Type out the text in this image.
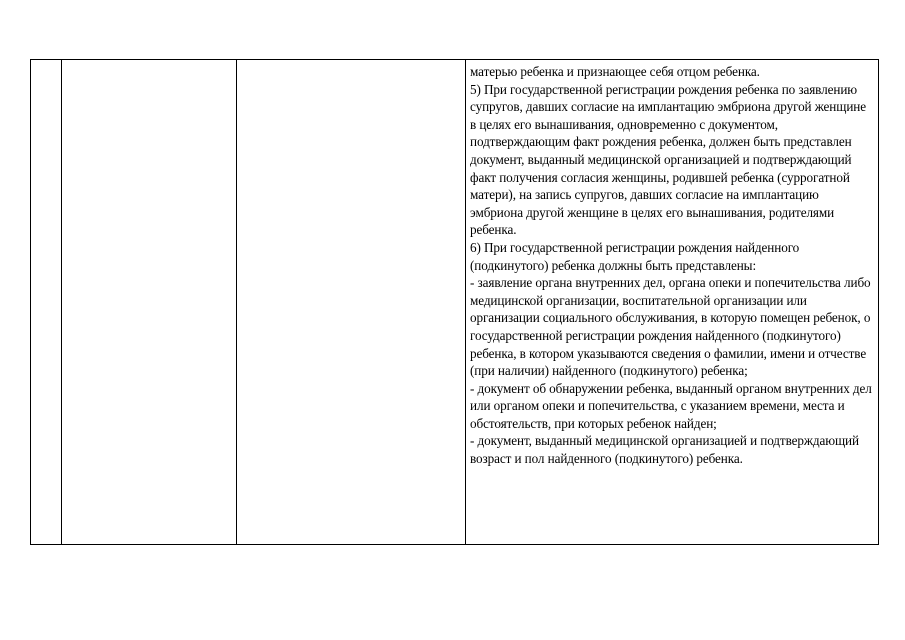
матерью ребенка и признающее себя отцом ребенка.

5) При государственной регистрации рождения ребенка по заявлению супругов, давших согласие на имплантацию эмбриона другой женщине в целях его вынашивания, одновременно с документом, подтверждающим факт рождения ребенка, должен быть представлен документ, выданный медицинской организацией и подтверждающий факт получения согласия женщины, родившей ребенка (суррогатной матери), на запись супругов, давших согласие на имплантацию эмбриона другой женщине в целях его вынашивания, родителями ребенка.

6) При государственной регистрации рождения найденного (подкинутого) ребенка должны быть представлены:

- заявление органа внутренних дел, органа опеки и попечительства либо медицинской организации, воспитательной организации или организации социального обслуживания, в которую помещен ребенок, о государственной регистрации рождения найденного (подкинутого) ребенка, в котором указываются сведения о фамилии, имени и отчестве (при наличии) найденного (подкинутого) ребенка;

- документ об обнаружении ребенка, выданный органом внутренних дел или органом опеки и попечительства, с указанием времени, места и обстоятельств, при которых ребенок найден;

- документ, выданный медицинской организацией и подтверждающий возраст и пол найденного (подкинутого) ребенка.
